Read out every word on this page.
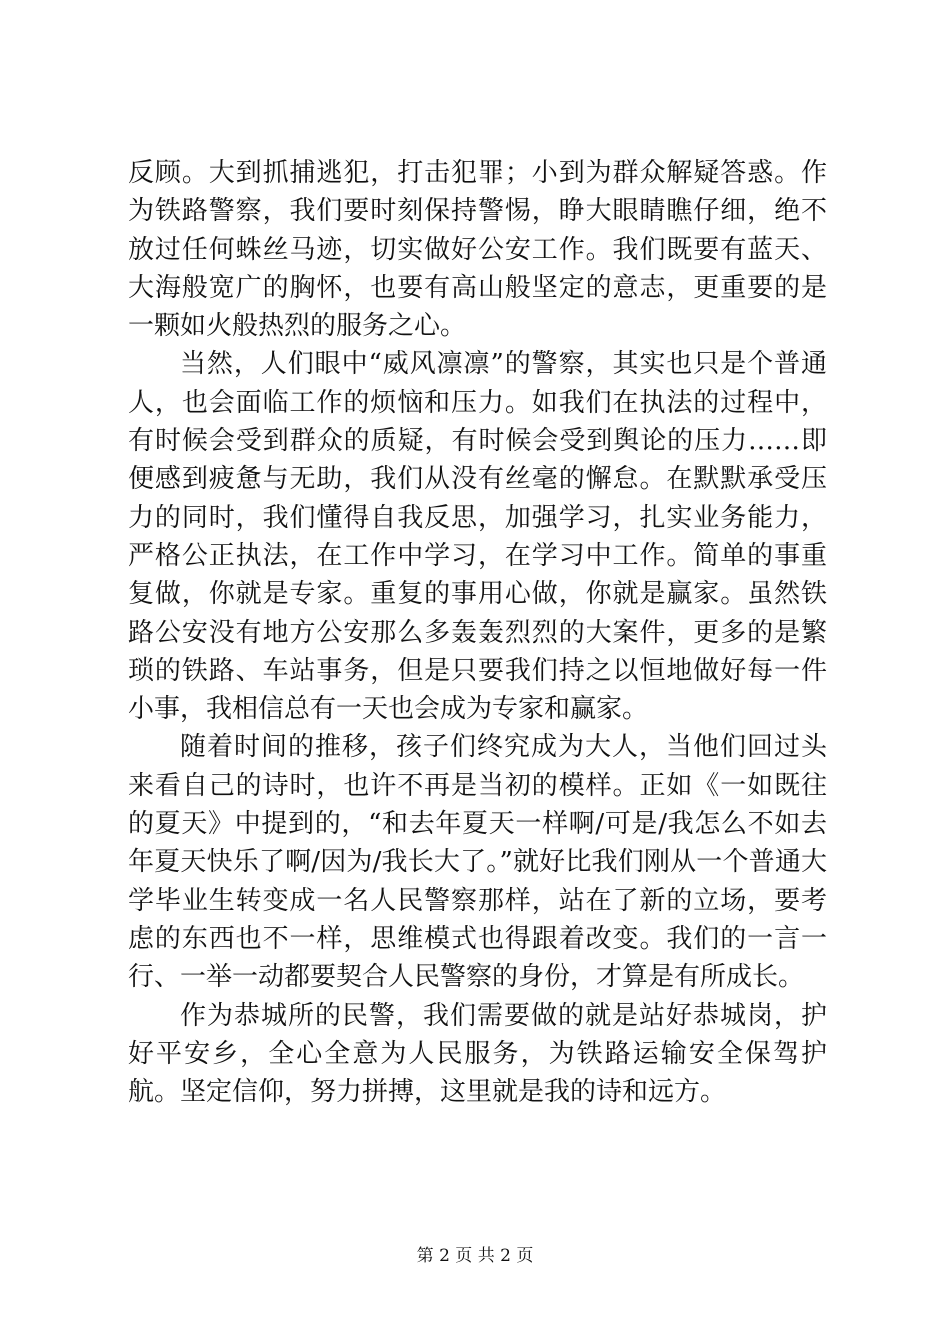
反顾。大到抓捕逃犯，打击犯罪；小到为群众解疑答惑。作为铁路警察，我们要时刻保持警惕，睁大眼睛瞧仔细，绝不放过任何蛛丝马迹，切实做好公安工作。我们既要有蓝天、大海般宽广的胸怀，也要有高山般坚定的意志，更重要的是一颗如火般热烈的服务之心。

当然，人们眼中“威风凛凛”的警察，其实也只是个普通人，也会面临工作的烦恼和压力。如我们在执法的过程中，有时候会受到群众的质疑，有时候会受到舆论的压力……即便感到疲惫与无助，我们从没有丝毫的懈怠。在默默承受压力的同时，我们懂得自我反思，加强学习，扎实业务能力，严格公正执法，在工作中学习，在学习中工作。简单的事重复做，你就是专家。重复的事用心做，你就是赢家。虽然铁路公安没有地方公安那么多轰轰烈烈的大案件，更多的是繁琐的铁路、车站事务，但是只要我们持之以恒地做好每一件小事，我相信总有一天也会成为专家和赢家。

随着时间的推移，孩子们终究成为大人，当他们回过头来看自己的诗时，也许不再是当初的模样。正如《一如既往的夏天》中提到的，“和去年夏天一样啊/可是/我怎么不如去年夏天快乐了啊/因为/我长大了。”就好比我们刚从一个普通大学毕业生转变成一名人民警察那样，站在了新的立场，要考虑的东西也不一样，思维模式也得跟着改变。我们的一言一行、一举一动都要契合人民警察的身份，才算是有所成长。

作为恭城所的民警，我们需要做的就是站好恭城岗，护好平安乡，全心全意为人民服务，为铁路运输安全保驾护航。坚定信仰，努力拼搏，这里就是我的诗和远方。

第 2 页 共 2 页
